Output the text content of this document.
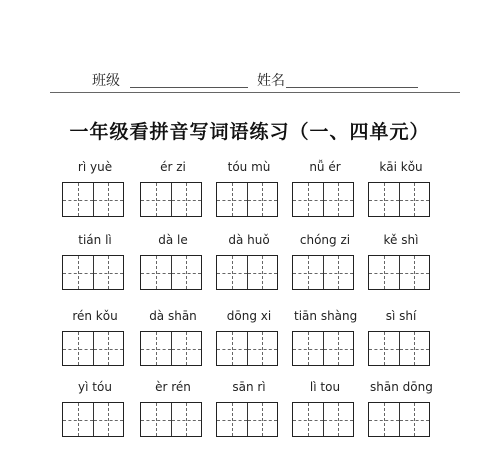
班级	姓名
一年级看拼音写词语练习（一、四单元）
rì yuè	ér zi	tóu mù	nǚ ér	kāi kǒu
tián lì	dà le	dà huǒ	chóng zi	kě shì
rén kǒu	dà shān	dōng xi	tiān shàng	sì shí
yì tóu	èr rén	sān rì	lì tou	shān dōng
